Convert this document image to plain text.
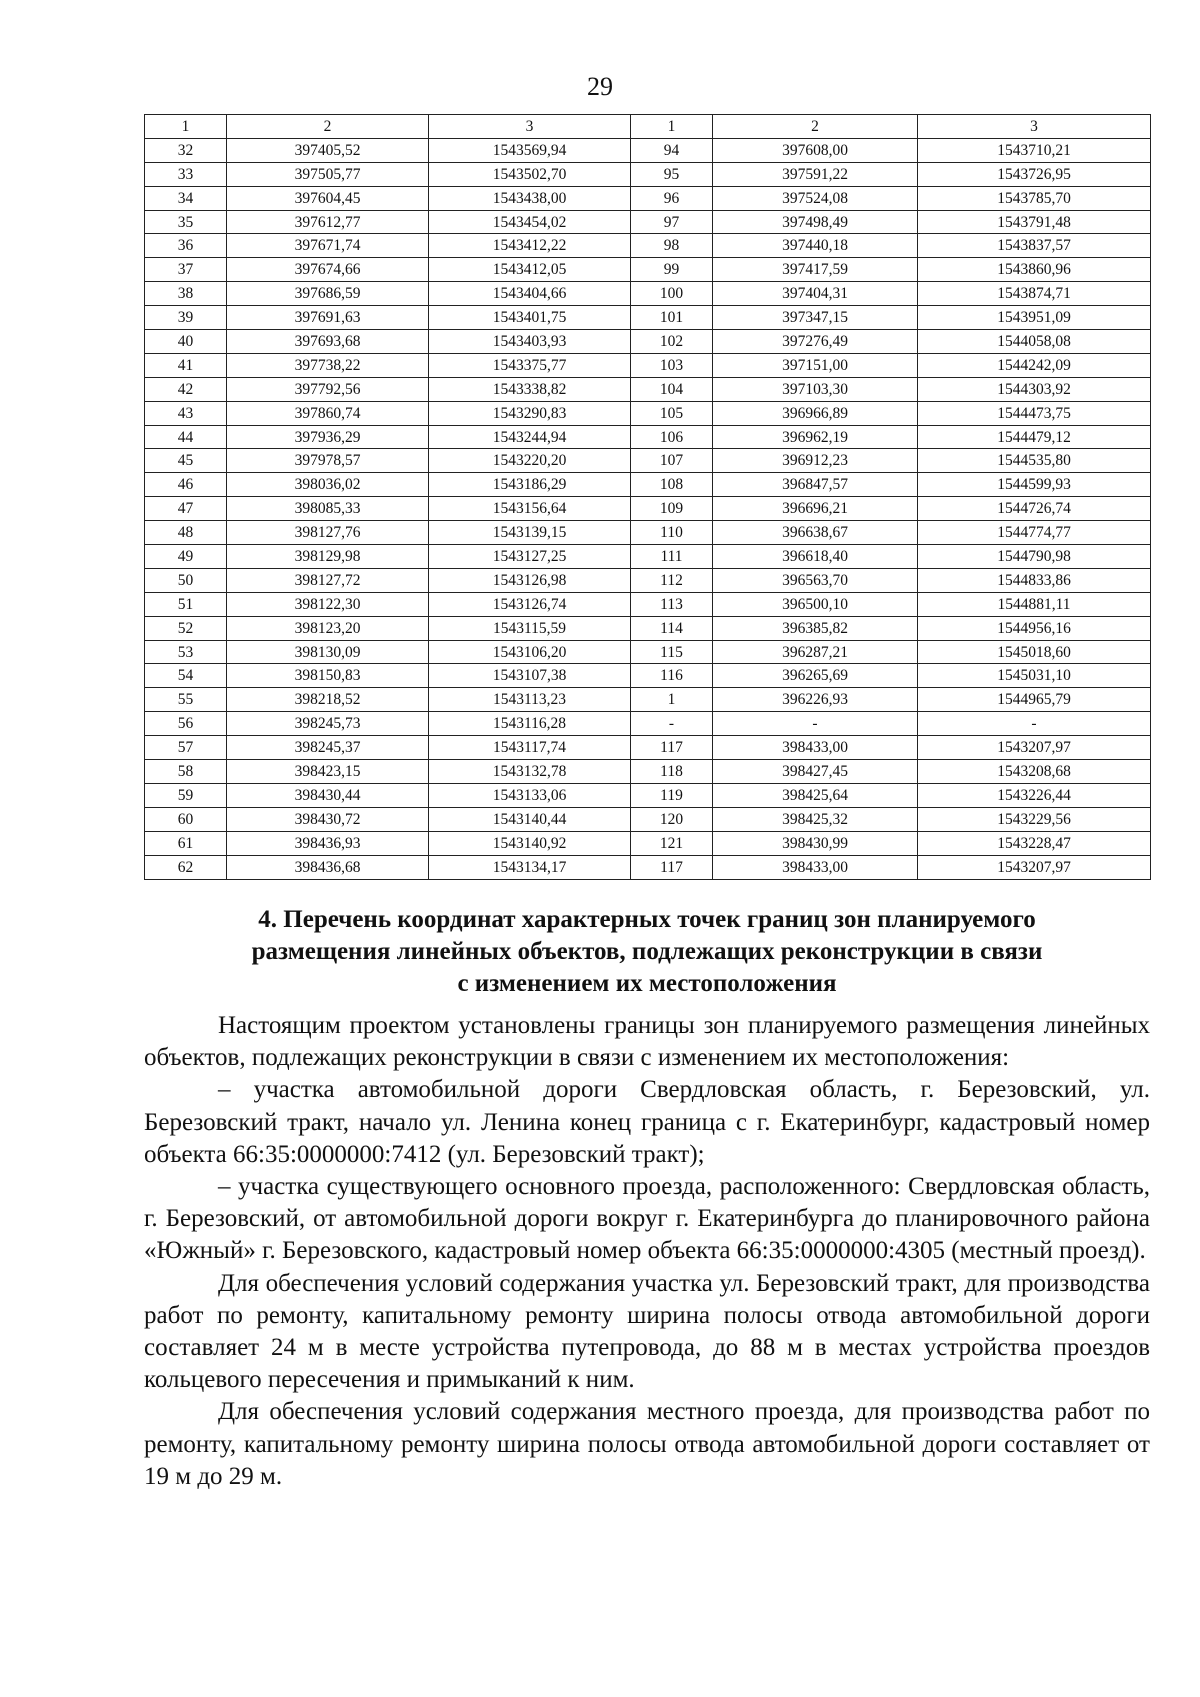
29
1	2	3	1	2	3
32	397405,52	1543569,94	94	397608,00	1543710,21
33	397505,77	1543502,70	95	397591,22	1543726,95
34	397604,45	1543438,00	96	397524,08	1543785,70
35	397612,77	1543454,02	97	397498,49	1543791,48
36	397671,74	1543412,22	98	397440,18	1543837,57
37	397674,66	1543412,05	99	397417,59	1543860,96
38	397686,59	1543404,66	100	397404,31	1543874,71
39	397691,63	1543401,75	101	397347,15	1543951,09
40	397693,68	1543403,93	102	397276,49	1544058,08
41	397738,22	1543375,77	103	397151,00	1544242,09
42	397792,56	1543338,82	104	397103,30	1544303,92
43	397860,74	1543290,83	105	396966,89	1544473,75
44	397936,29	1543244,94	106	396962,19	1544479,12
45	397978,57	1543220,20	107	396912,23	1544535,80
46	398036,02	1543186,29	108	396847,57	1544599,93
47	398085,33	1543156,64	109	396696,21	1544726,74
48	398127,76	1543139,15	110	396638,67	1544774,77
49	398129,98	1543127,25	111	396618,40	1544790,98
50	398127,72	1543126,98	112	396563,70	1544833,86
51	398122,30	1543126,74	113	396500,10	1544881,11
52	398123,20	1543115,59	114	396385,82	1544956,16
53	398130,09	1543106,20	115	396287,21	1545018,60
54	398150,83	1543107,38	116	396265,69	1545031,10
55	398218,52	1543113,23	1	396226,93	1544965,79
56	398245,73	1543116,28	-	-	-
57	398245,37	1543117,74	117	398433,00	1543207,97
58	398423,15	1543132,78	118	398427,45	1543208,68
59	398430,44	1543133,06	119	398425,64	1543226,44
60	398430,72	1543140,44	120	398425,32	1543229,56
61	398436,93	1543140,92	121	398430,99	1543228,47
62	398436,68	1543134,17	117	398433,00	1543207,97
4. Перечень координат характерных точек границ зон планируемого
размещения линейных объектов, подлежащих реконструкции в связи
с изменением их местоположения

Настоящим проектом установлены границы зон планируемого размещения линейных объектов, подлежащих реконструкции в связи с изменением их местоположения:

– участка автомобильной дороги Свердловская область, г. Березовский, ул. Березовский тракт, начало ул. Ленина конец граница с г. Екатеринбург, кадастровый номер объекта 66:35:0000000:7412 (ул. Березовский тракт);

– участка существующего основного проезда, расположенного: Свердловская область, г. Березовский, от автомобильной дороги вокруг г. Екатеринбурга до планировочного района «Южный» г. Березовского, кадастровый номер объекта 66:35:0000000:4305 (местный проезд).

Для обеспечения условий содержания участка ул. Березовский тракт, для производства работ по ремонту, капитальному ремонту ширина полосы отвода автомобильной дороги составляет 24 м в месте устройства путепровода, до 88 м в местах устройства проездов кольцевого пересечения и примыканий к ним.

Для обеспечения условий содержания местного проезда, для производства работ по ремонту, капитальному ремонту ширина полосы отвода автомобильной дороги составляет от 19 м до 29 м.
